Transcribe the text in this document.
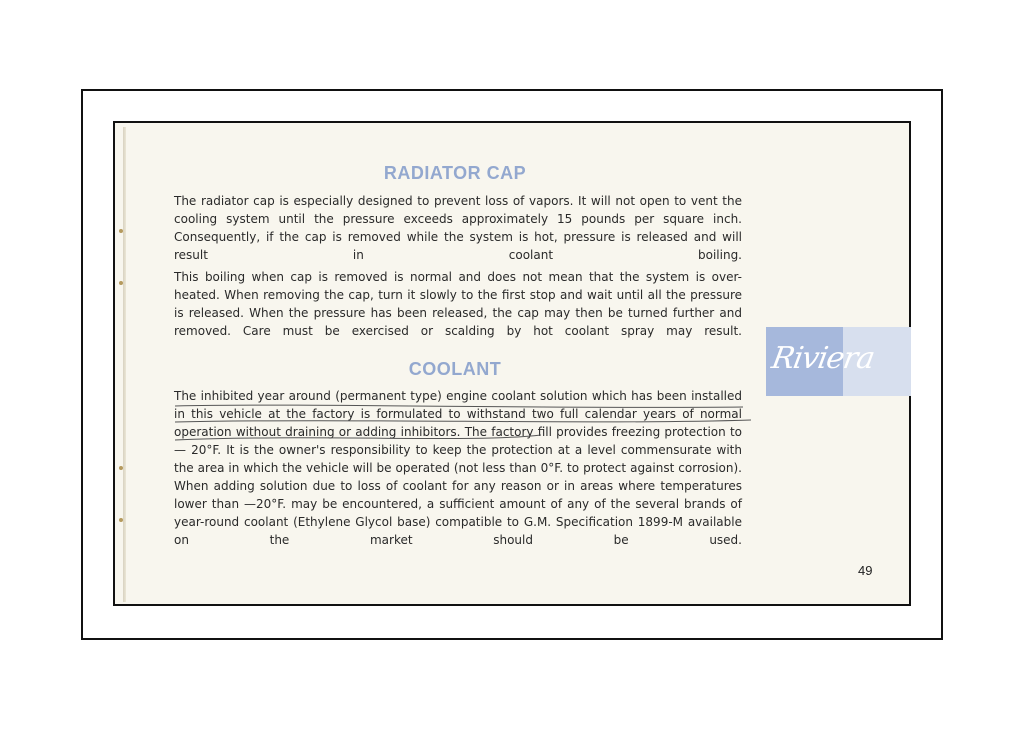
RADIATOR CAP
The radiator cap is especially designed to prevent loss of vapors. It will not open to vent the cooling system until the pressure exceeds approximately 15 pounds per square inch. Consequently, if the cap is removed while the system is hot, pressure is released and will result in coolant boiling.
This boiling when cap is removed is normal and does not mean that the system is over-heated. When removing the cap, turn it slowly to the first stop and wait until all the pressure is released. When the pressure has been released, the cap may then be turned further and removed. Care must be exercised or scalding by hot coolant spray may result.
COOLANT
The inhibited year around (permanent type) engine coolant solution which has been installed in this vehicle at the factory is formulated to withstand two full calendar years of normal operation without draining or adding inhibitors. The factory fill provides freezing protection to — 20°F. It is the owner's responsibility to keep the protection at a level commensurate with the area in which the vehicle will be operated (not less than 0°F. to protect against corrosion). When adding solution due to loss of coolant for any reason or in areas where temperatures lower than —20°F. may be encountered, a sufficient amount of any of the several brands of year-round coolant (Ethylene Glycol base) compatible to G.M. Specification 1899-M available on the market should be used.
Riviera
49
